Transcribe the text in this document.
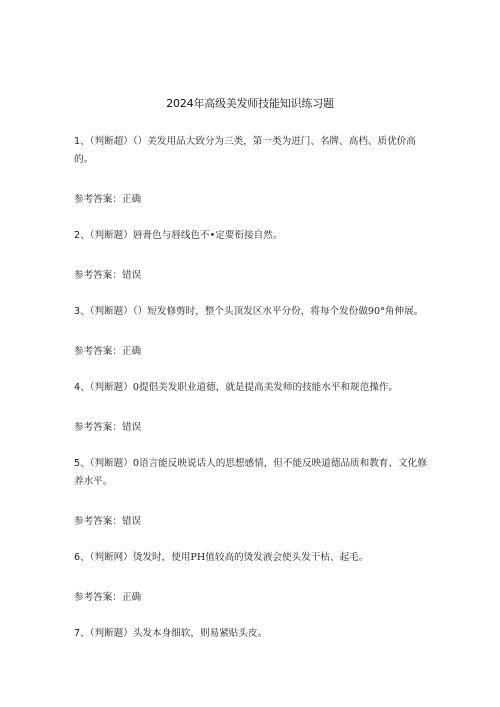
2024年高级美发师技能知识练习题

1、（判断超）（）美发用品大致分为三类，第一类为进门、名牌、高档、质优价高的。

参考答案：正确

2、（判断题）唇膏色与唇线色不•定要衔接自然。

参考答案：错误

3、（判断题）（）短发修剪时，整个头顶发区水平分份，将每个发份做90°角伸展。

参考答案：正确

4、（判断题）0提倡美发职业道德，就是提高美发师的技能水平和规范操作。

参考答案：错误

5、（判断题）0语言能反映说话人的思想感情，但不能反映道德品质和教育、文化修养水平。

参考答案：错误

6、（判断网）烫发时，使用PH值较高的烫发液会使头发干枯、起毛。

参考答案：正确

7、（判断题）头发本身细软，则易紧贴头皮。
